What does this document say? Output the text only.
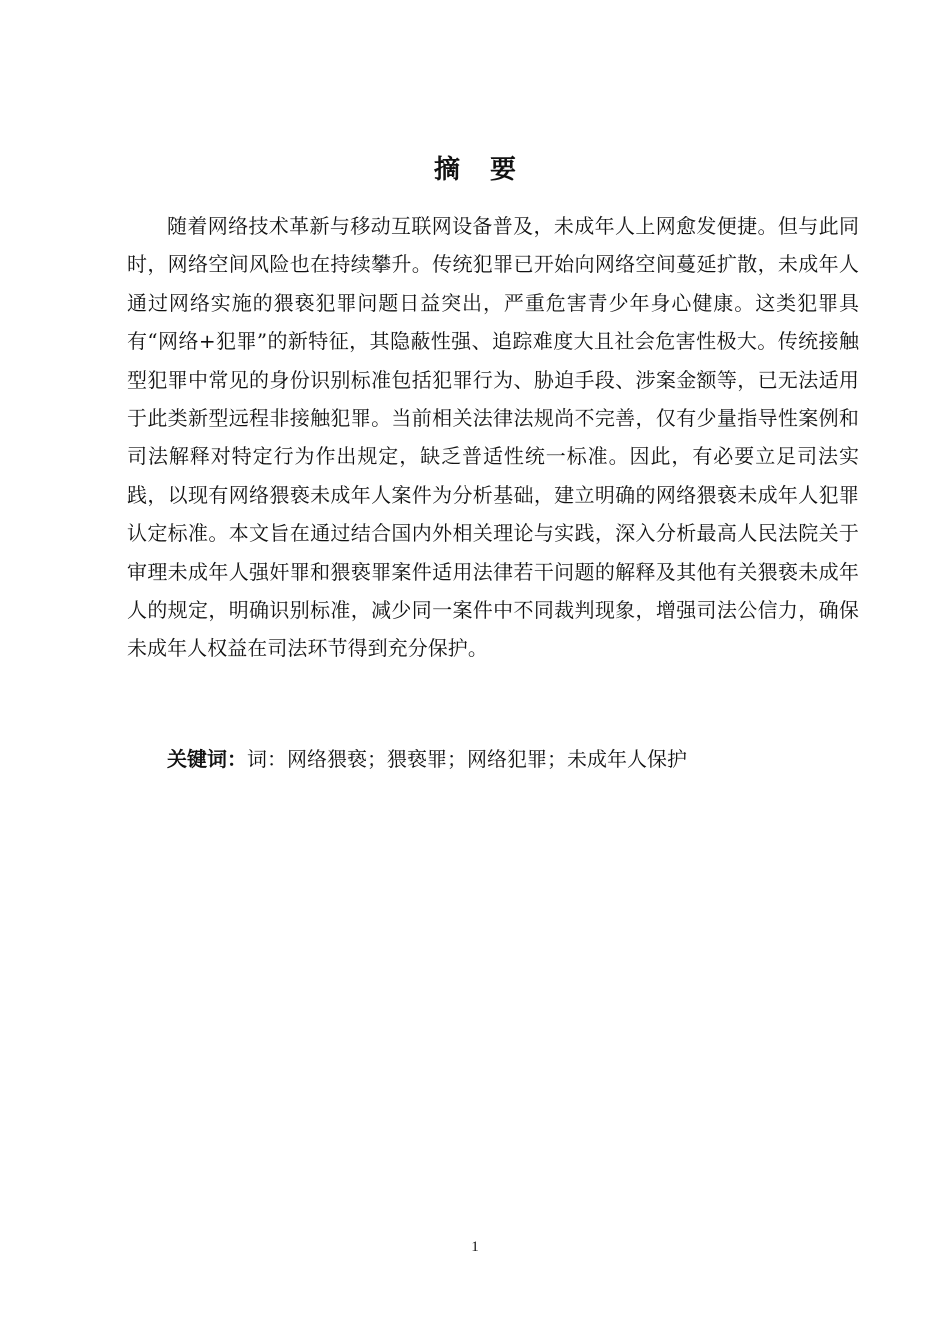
摘 要

随着网络技术革新与移动互联网设备普及，未成年人上网愈发便捷。但与此同时，网络空间风险也在持续攀升。传统犯罪已开始向网络空间蔓延扩散，未成年人通过网络实施的猥亵犯罪问题日益突出，严重危害青少年身心健康。这类犯罪具有“网络+犯罪”的新特征，其隐蔽性强、追踪难度大且社会危害性极大。传统接触型犯罪中常见的身份识别标准包括犯罪行为、胁迫手段、涉案金额等，已无法适用于此类新型远程非接触犯罪。当前相关法律法规尚不完善，仅有少量指导性案例和司法解释对特定行为作出规定，缺乏普适性统一标准。因此，有必要立足司法实践，以现有网络猥亵未成年人案件为分析基础，建立明确的网络猥亵未成年人犯罪认定标准。本文旨在通过结合国内外相关理论与实践，深入分析最高人民法院关于审理未成年人强奸罪和猥亵罪案件适用法律若干问题的解释及其他有关猥亵未成年人的规定，明确识别标准，减少同一案件中不同裁判现象，增强司法公信力，确保未成年人权益在司法环节得到充分保护。

关键词：词：网络猥亵；猥亵罪；网络犯罪；未成年人保护
1
